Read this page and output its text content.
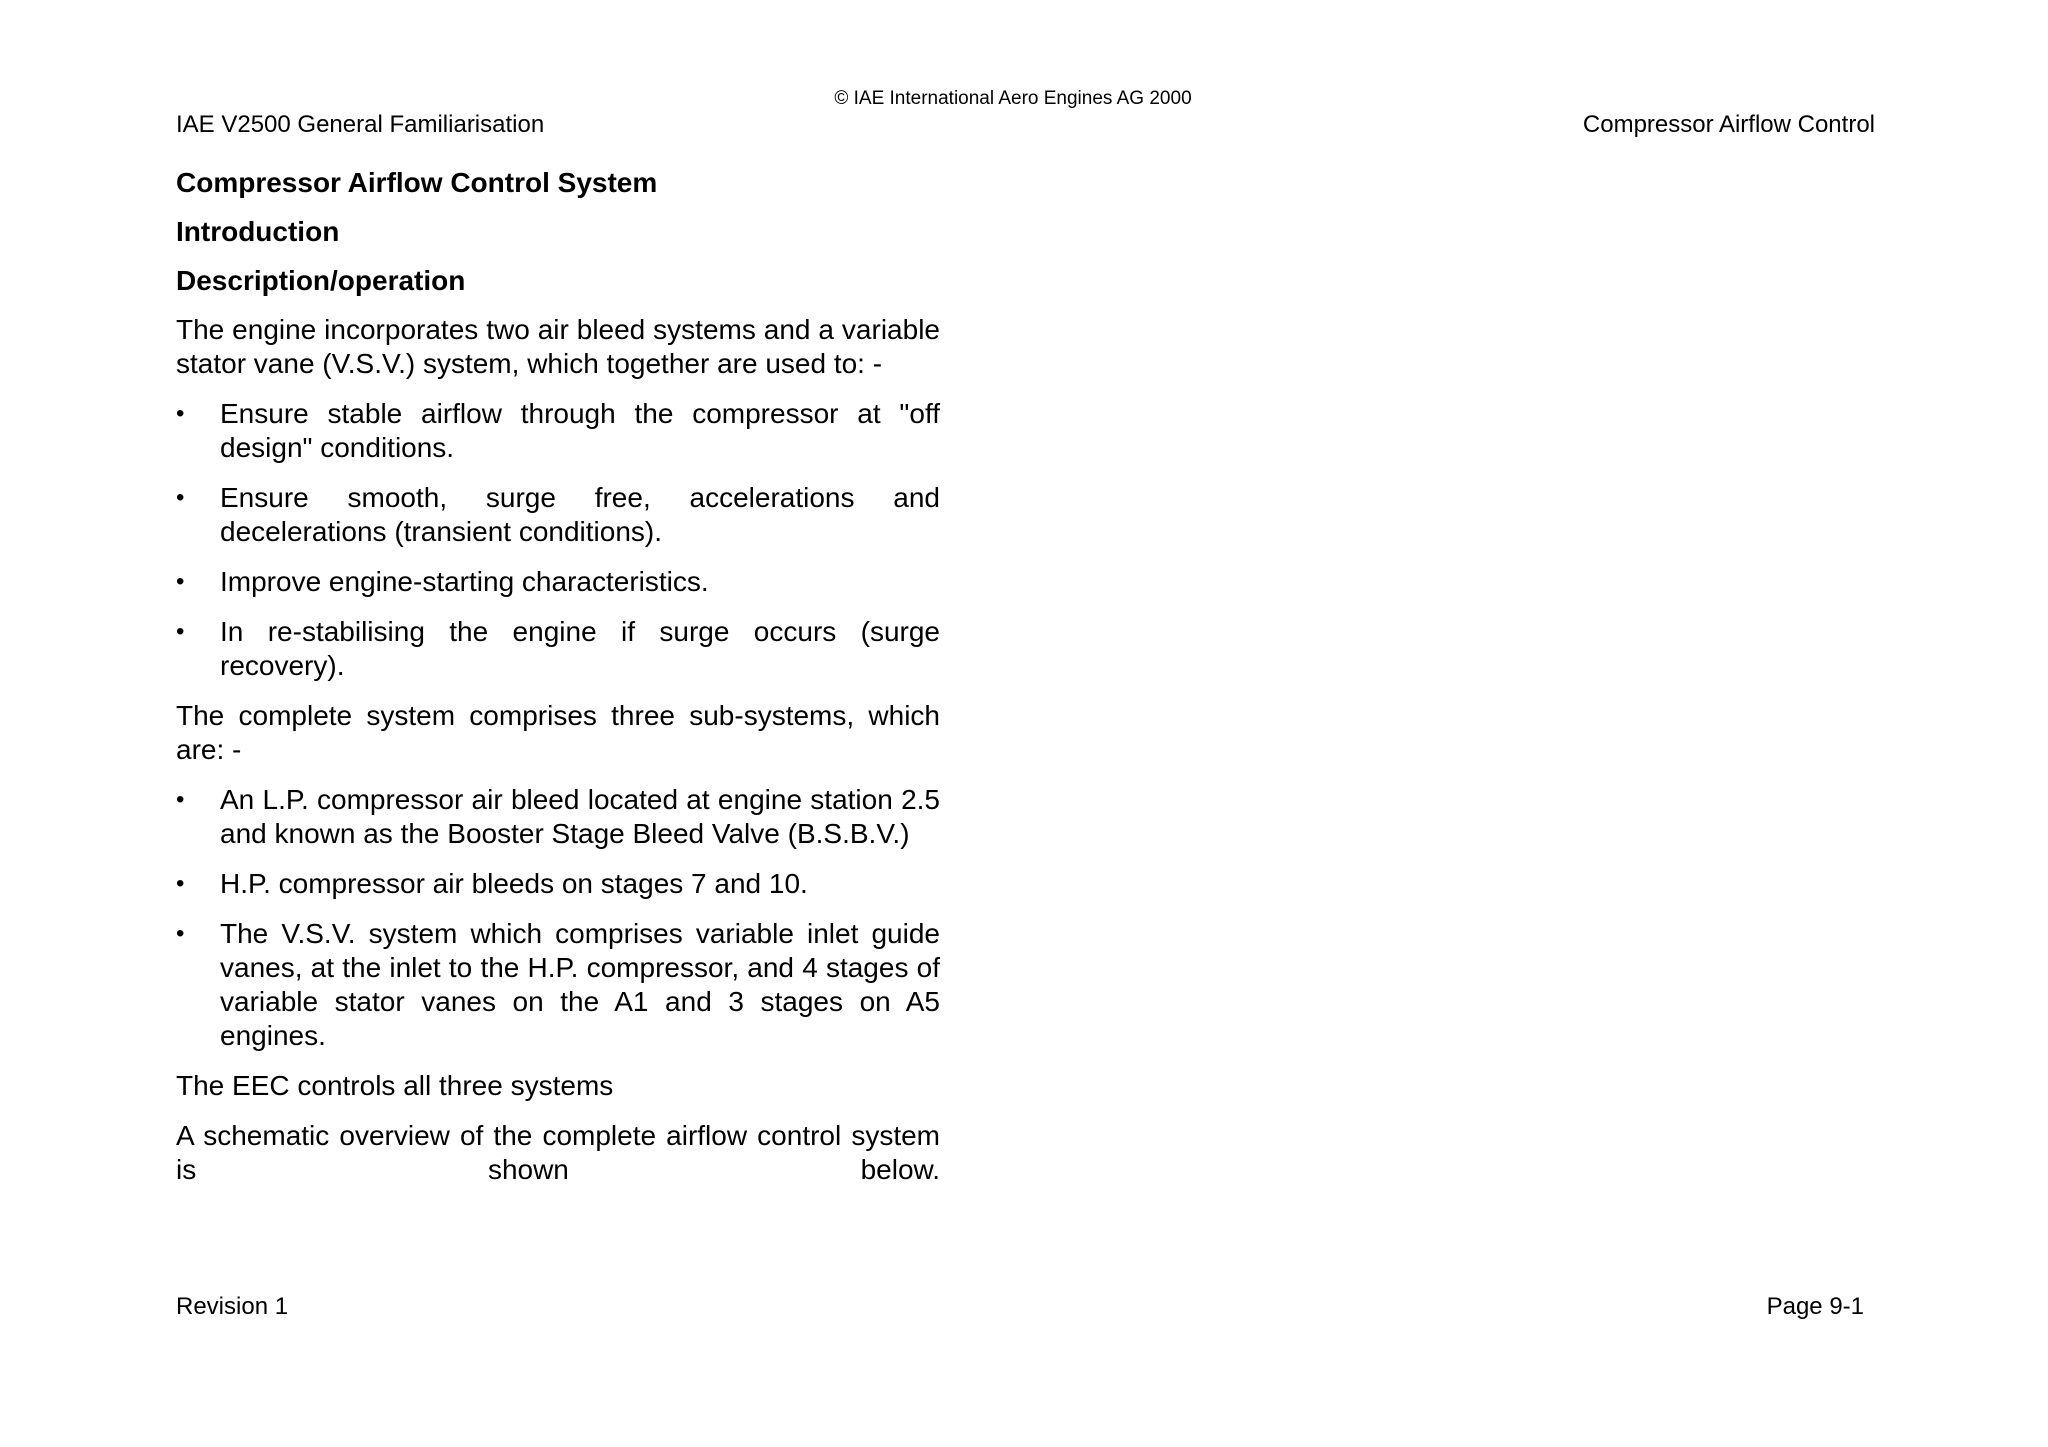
© IAE International Aero Engines AG 2000
IAE V2500 General Familiarisation	Compressor Airflow Control
Compressor Airflow Control System
Introduction
Description/operation

The engine incorporates two air bleed systems and a variable stator vane (V.S.V.) system, which together are used to: -

•	Ensure stable airflow through the compressor at "off design" conditions.
•	Ensure smooth, surge free, accelerations and decelerations (transient conditions).
•	Improve engine-starting characteristics.
•	In re-stabilising the engine if surge occurs (surge recovery).

The complete system comprises three sub-systems, which are: -

•	An L.P. compressor air bleed located at engine station 2.5 and known as the Booster Stage Bleed Valve (B.S.B.V.)
•	H.P. compressor air bleeds on stages 7 and 10.
•	The V.S.V. system which comprises variable inlet guide vanes, at the inlet to the H.P. compressor, and 4 stages of variable stator vanes on the A1 and 3 stages on A5 engines.

The EEC controls all three systems

A schematic overview of the complete airflow control system is shown below.

Revision 1	Page 9-1
